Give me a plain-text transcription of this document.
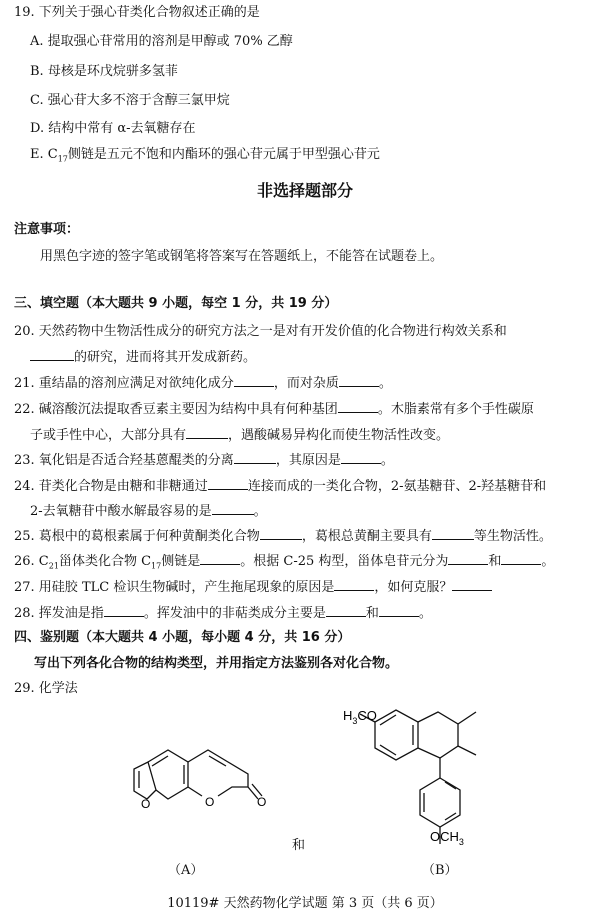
19. 下列关于强心苷类化合物叙述正确的是
A. 提取强心苷常用的溶剂是甲醇或 70% 乙醇
B. 母核是环戊烷骈多氢菲
C. 强心苷大多不溶于含醇三氯甲烷
D. 结构中常有 α-去氧糖存在
E. $C_{17}$侧链是五元不饱和内酯环的强心苷元属于甲型强心苷元
非选择题部分
注意事项：
用黑色字迹的签字笔或钢笔将答案写在答题纸上，不能答在试题卷上。
三、填空题（本大题共 9 小题，每空 1 分，共 19 分）
20. 天然药物中生物活性成分的研究方法之一是对有开发价值的化合物进行构效关系和
的研究，进而将其开发成新药。
21. 重结晶的溶剂应满足对欲纯化成分	，而对杂质	。
22. 碱溶酸沉法提取香豆素主要因为结构中具有何种基团	。木脂素常有多个手性碳原
子或手性中心，大部分具有	，遇酸碱易异构化而使生物活性改变。
23. 氧化铝是否适合羟基蒽醌类的分离	，其原因是	。
24. 苷类化合物是由糖和非糖通过	连接而成的一类化合物，2-氨基糖苷、2-羟基糖苷和
2-去氧糖苷中酸水解最容易的是	。
25. 葛根中的葛根素属于何种黄酮类化合物	，葛根总黄酮主要具有	等生物活性。
26. $C_{21}$甾体类化合物 $C_{17}$侧链是	。根据 C-25 构型，甾体皂苷元分为	和	。
27. 用硅胶 TLC 检识生物碱时，产生拖尾现象的原因是	，如何克服？
28. 挥发油是指	。挥发油中的非萜类成分主要是	和	。
四、鉴别题（本大题共 4 小题，每小题 4 分，共 16 分）
写出下列各化合物的结构类型，并用指定方法鉴别各对化合物。
29. 化学法
O	O	O
$H_3CO$
$OCH_3$
和
（A）	（B）
10119# 天然药物化学试题 第 3 页（共 6 页）
